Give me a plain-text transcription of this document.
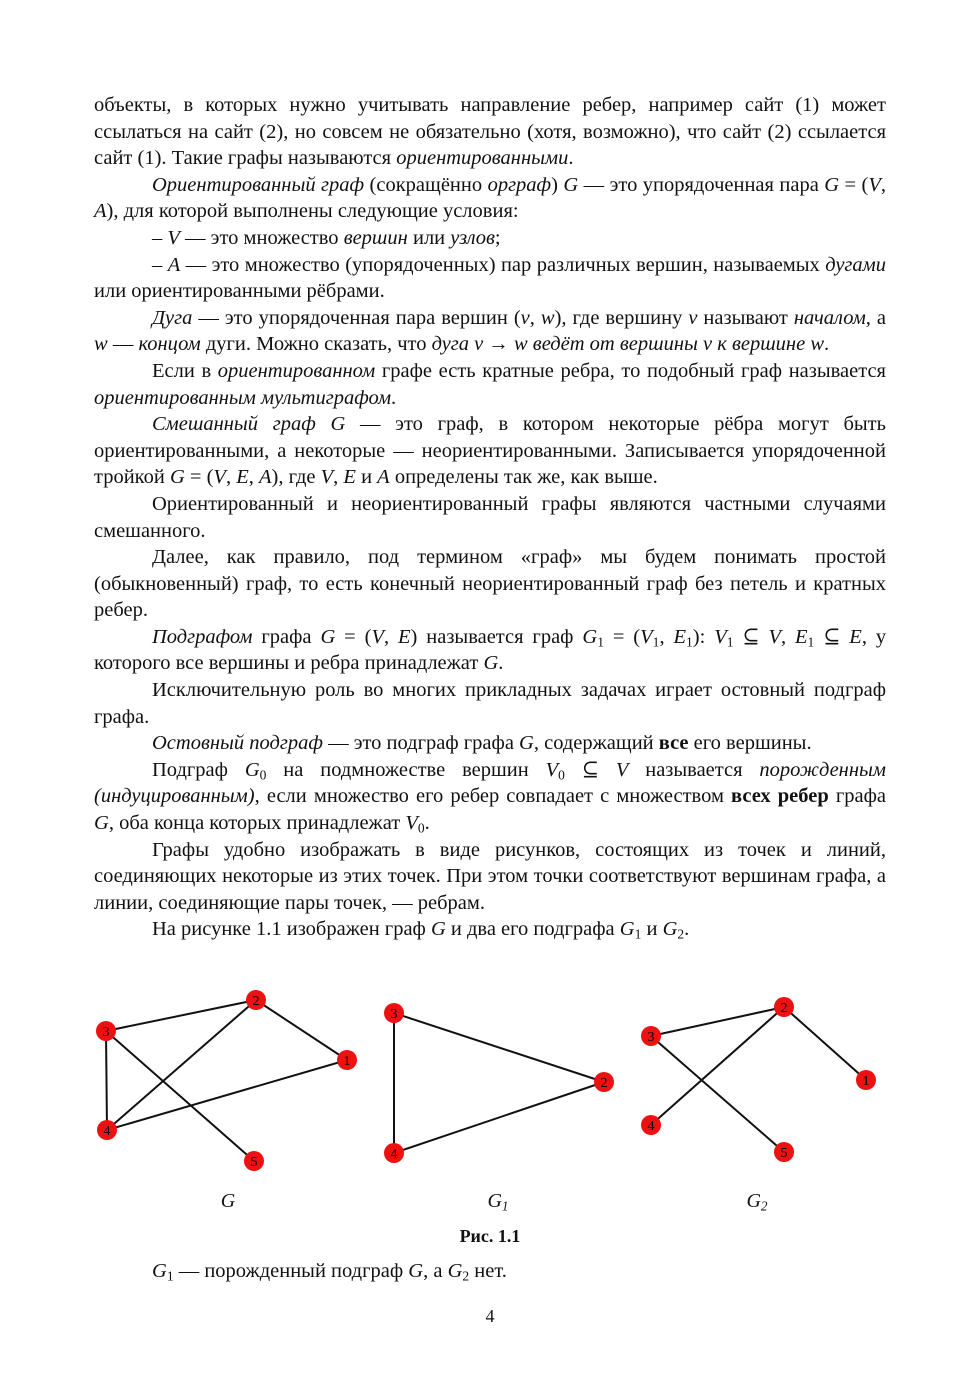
объекты, в которых нужно учитывать направление ребер, например сайт (1) может ссылаться на сайт (2), но совсем не обязательно (хотя, возможно), что сайт (2) ссылается сайт (1). Такие графы называются ориентированными.

Ориентированный граф (сокращённо орграф) G — это упорядоченная пара G = (V, A), для которой выполнены следующие условия:

– V — это множество вершин или узлов;

– A — это множество (упорядоченных) пар различных вершин, называемых дугами или ориентированными рёбрами.

Дуга — это упорядоченная пара вершин (v, w), где вершину v называют началом, а w — концом дуги. Можно сказать, что дуга v → w ведёт от вершины v к вершине w.

Если в ориентированном графе есть кратные ребра, то подобный граф называется ориентированным мультиграфом.

Смешанный граф G — это граф, в котором некоторые рёбра могут быть ориентированными, а некоторые — неориентированными. Записывается упорядоченной тройкой G = (V, E, A), где V, E и A определены так же, как выше.

Ориентированный и неориентированный графы являются частными случаями смешанного.

Далее, как правило, под термином «граф» мы будем понимать простой (обыкновенный) граф, то есть конечный неориентированный граф без петель и кратных ребер.

Подграфом графа G = (V, E) называется граф $G_1 = (V_1$, $E_1$): $V_1$ ⊆ V, $E_1$ ⊆ E, у которого все вершины и ребра принадлежат G.

Исключительную роль во многих прикладных задачах играет остовный подграф графа.

Остовный подграф — это подграф графа G, содержащий все его вершины.

Подграф $G_0$ на подмножестве вершин $V_0$ ⊆ V называется порожденным (индуцированным), если множество его ребер совпадает с множеством всех ребер графа G, оба конца которых принадлежат $V_0$.

Графы удобно изображать в виде рисунков, состоящих из точек и линий, соединяющих некоторые из этих точек. При этом точки соответствуют вершинам графа, а линии, соединяющие пары точек, — ребрам.

На рисунке 1.1 изображен граф G и два его подграфа $G_1$ и $G_2$.

1
2
3
4
5
2
3
4
1
2
3
4
5
G	$G_1$	$G_2$
Рис. 1.1
$G_1$ — порожденный подграф G, а $G_2$ нет.
4
